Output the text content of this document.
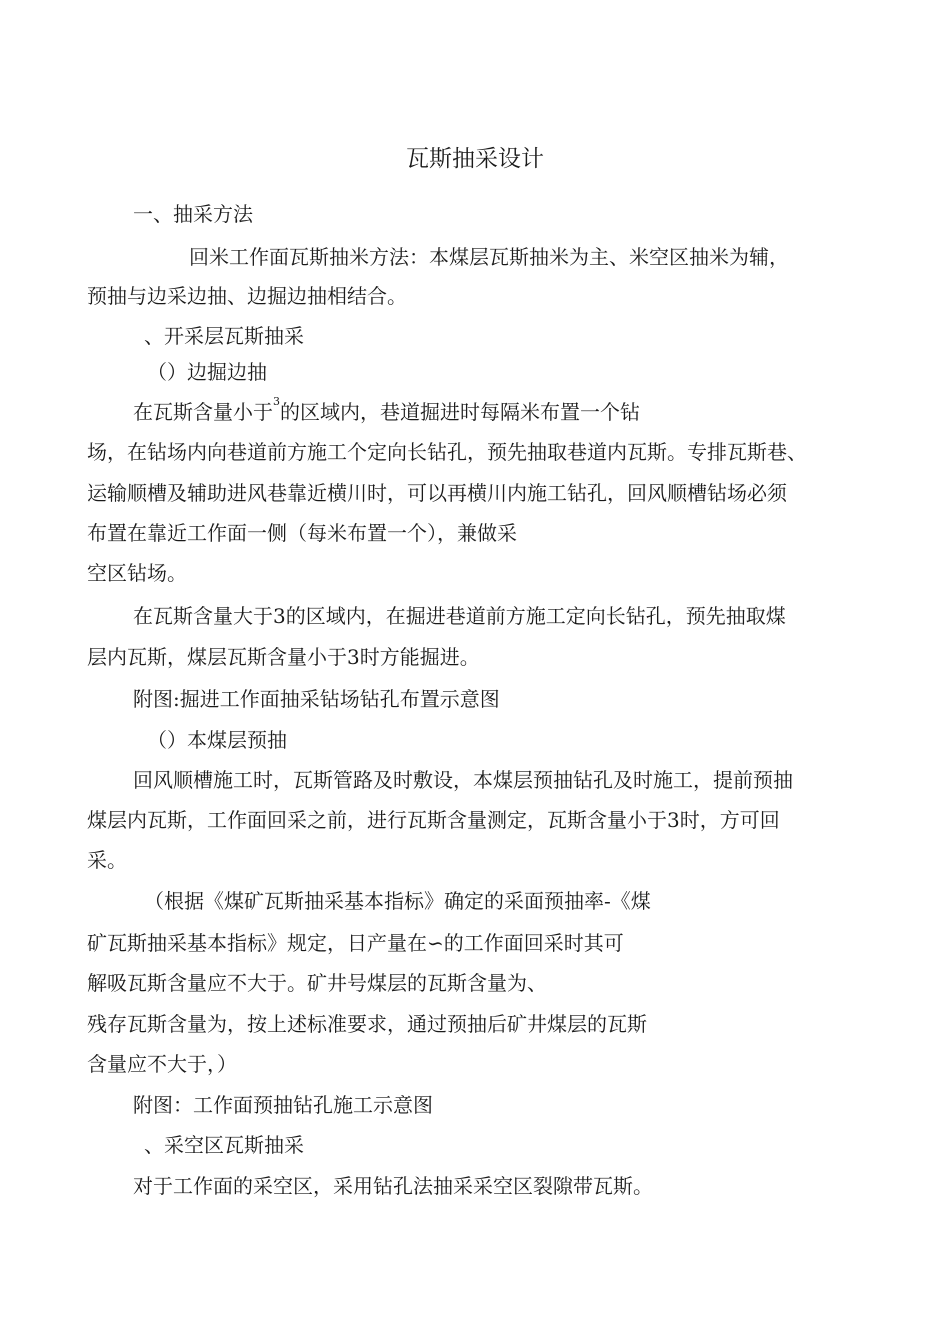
瓦斯抽采设计
一、抽采方法
回米工作面瓦斯抽米方法：本煤层瓦斯抽米为主、米空区抽米为辅，
预抽与边采边抽、边掘边抽相结合。
、开采层瓦斯抽采
（）边掘边抽
在瓦斯含量小于$^3$的区域内，巷道掘进时每隔米布置一个钻
场，在钻场内向巷道前方施工个定向长钻孔，预先抽取巷道内瓦斯。专排瓦斯巷、
运输顺槽及辅助进风巷靠近横川时，可以再横川内施工钻孔，回风顺槽钻场必须
布置在靠近工作面一侧（每米布置一个），兼做采
空区钻场。
在瓦斯含量大于3的区域内，在掘进巷道前方施工定向长钻孔，预先抽取煤
层内瓦斯，煤层瓦斯含量小于3时方能掘进。
附图:掘进工作面抽采钻场钻孔布置示意图
（）本煤层预抽
回风顺槽施工时，瓦斯管路及时敷设，本煤层预抽钻孔及时施工，提前预抽
煤层内瓦斯，工作面回采之前，进行瓦斯含量测定，瓦斯含量小于3时，方可回
采。
（根据《煤矿瓦斯抽采基本指标》确定的采面预抽率-《煤
矿瓦斯抽采基本指标》规定，日产量在∽的工作面回采时其可
解吸瓦斯含量应不大于。矿井号煤层的瓦斯含量为、
残存瓦斯含量为，按上述标准要求，通过预抽后矿井煤层的瓦斯
含量应不大于，）
附图：工作面预抽钻孔施工示意图
、采空区瓦斯抽采
对于工作面的采空区，采用钻孔法抽采采空区裂隙带瓦斯。
